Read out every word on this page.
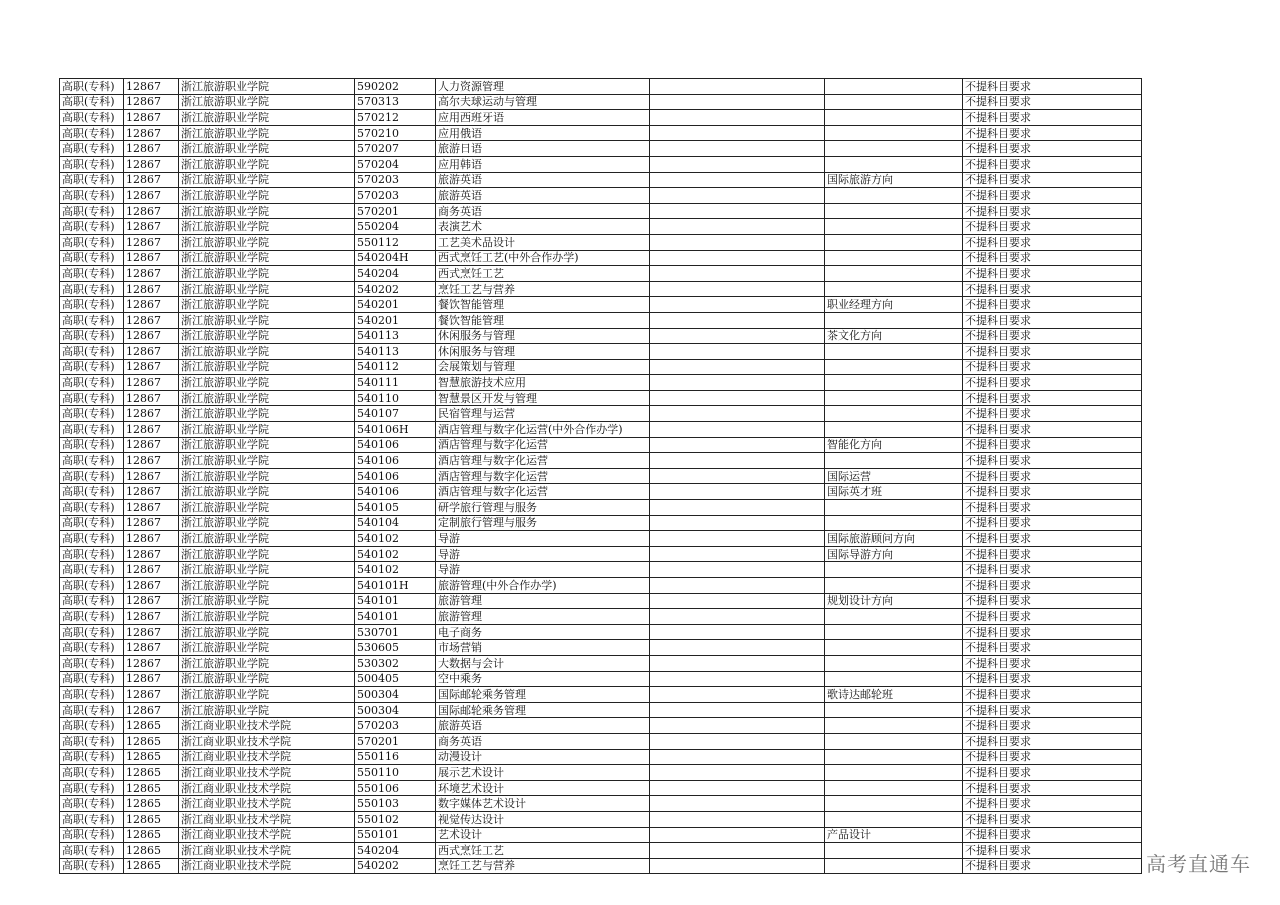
高职(专科)	12867	浙江旅游职业学院	590202	人力资源管理			不提科目要求
高职(专科)	12867	浙江旅游职业学院	570313	高尔夫球运动与管理			不提科目要求
高职(专科)	12867	浙江旅游职业学院	570212	应用西班牙语			不提科目要求
高职(专科)	12867	浙江旅游职业学院	570210	应用俄语			不提科目要求
高职(专科)	12867	浙江旅游职业学院	570207	旅游日语			不提科目要求
高职(专科)	12867	浙江旅游职业学院	570204	应用韩语			不提科目要求
高职(专科)	12867	浙江旅游职业学院	570203	旅游英语		国际旅游方向	不提科目要求
高职(专科)	12867	浙江旅游职业学院	570203	旅游英语			不提科目要求
高职(专科)	12867	浙江旅游职业学院	570201	商务英语			不提科目要求
高职(专科)	12867	浙江旅游职业学院	550204	表演艺术			不提科目要求
高职(专科)	12867	浙江旅游职业学院	550112	工艺美术品设计			不提科目要求
高职(专科)	12867	浙江旅游职业学院	540204H	西式烹饪工艺(中外合作办学)			不提科目要求
高职(专科)	12867	浙江旅游职业学院	540204	西式烹饪工艺			不提科目要求
高职(专科)	12867	浙江旅游职业学院	540202	烹饪工艺与营养			不提科目要求
高职(专科)	12867	浙江旅游职业学院	540201	餐饮智能管理		职业经理方向	不提科目要求
高职(专科)	12867	浙江旅游职业学院	540201	餐饮智能管理			不提科目要求
高职(专科)	12867	浙江旅游职业学院	540113	休闲服务与管理		茶文化方向	不提科目要求
高职(专科)	12867	浙江旅游职业学院	540113	休闲服务与管理			不提科目要求
高职(专科)	12867	浙江旅游职业学院	540112	会展策划与管理			不提科目要求
高职(专科)	12867	浙江旅游职业学院	540111	智慧旅游技术应用			不提科目要求
高职(专科)	12867	浙江旅游职业学院	540110	智慧景区开发与管理			不提科目要求
高职(专科)	12867	浙江旅游职业学院	540107	民宿管理与运营			不提科目要求
高职(专科)	12867	浙江旅游职业学院	540106H	酒店管理与数字化运营(中外合作办学)			不提科目要求
高职(专科)	12867	浙江旅游职业学院	540106	酒店管理与数字化运营		智能化方向	不提科目要求
高职(专科)	12867	浙江旅游职业学院	540106	酒店管理与数字化运营			不提科目要求
高职(专科)	12867	浙江旅游职业学院	540106	酒店管理与数字化运营		国际运营	不提科目要求
高职(专科)	12867	浙江旅游职业学院	540106	酒店管理与数字化运营		国际英才班	不提科目要求
高职(专科)	12867	浙江旅游职业学院	540105	研学旅行管理与服务			不提科目要求
高职(专科)	12867	浙江旅游职业学院	540104	定制旅行管理与服务			不提科目要求
高职(专科)	12867	浙江旅游职业学院	540102	导游		国际旅游顾问方向	不提科目要求
高职(专科)	12867	浙江旅游职业学院	540102	导游		国际导游方向	不提科目要求
高职(专科)	12867	浙江旅游职业学院	540102	导游			不提科目要求
高职(专科)	12867	浙江旅游职业学院	540101H	旅游管理(中外合作办学)			不提科目要求
高职(专科)	12867	浙江旅游职业学院	540101	旅游管理		规划设计方向	不提科目要求
高职(专科)	12867	浙江旅游职业学院	540101	旅游管理			不提科目要求
高职(专科)	12867	浙江旅游职业学院	530701	电子商务			不提科目要求
高职(专科)	12867	浙江旅游职业学院	530605	市场营销			不提科目要求
高职(专科)	12867	浙江旅游职业学院	530302	大数据与会计			不提科目要求
高职(专科)	12867	浙江旅游职业学院	500405	空中乘务			不提科目要求
高职(专科)	12867	浙江旅游职业学院	500304	国际邮轮乘务管理		歌诗达邮轮班	不提科目要求
高职(专科)	12867	浙江旅游职业学院	500304	国际邮轮乘务管理			不提科目要求
高职(专科)	12865	浙江商业职业技术学院	570203	旅游英语			不提科目要求
高职(专科)	12865	浙江商业职业技术学院	570201	商务英语			不提科目要求
高职(专科)	12865	浙江商业职业技术学院	550116	动漫设计			不提科目要求
高职(专科)	12865	浙江商业职业技术学院	550110	展示艺术设计			不提科目要求
高职(专科)	12865	浙江商业职业技术学院	550106	环境艺术设计			不提科目要求
高职(专科)	12865	浙江商业职业技术学院	550103	数字媒体艺术设计			不提科目要求
高职(专科)	12865	浙江商业职业技术学院	550102	视觉传达设计			不提科目要求
高职(专科)	12865	浙江商业职业技术学院	550101	艺术设计		产品设计	不提科目要求
高职(专科)	12865	浙江商业职业技术学院	540204	西式烹饪工艺			不提科目要求
高职(专科)	12865	浙江商业职业技术学院	540202	烹饪工艺与营养			不提科目要求	高考直通车
